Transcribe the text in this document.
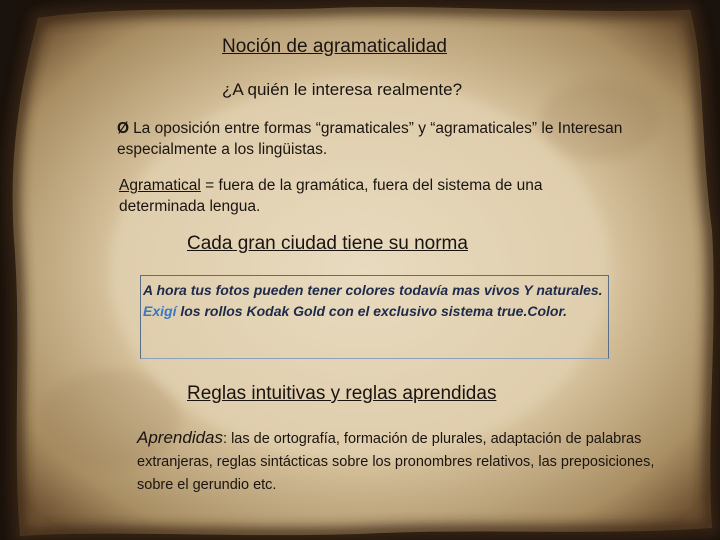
Noción de agramaticalidad
¿A quién le interesa realmente?
Ø La oposición entre formas “gramaticales” y “agramaticales” le Interesan especialmente a los lingüistas.
Agramatical = fuera de la gramática, fuera del sistema de una determinada lengua.
Cada gran ciudad tiene su norma
A hora tus fotos pueden tener colores todavía mas vivos Y naturales. Exigí los rollos Kodak Gold con el exclusivo sistema true.Color.
Reglas intuitivas y reglas aprendidas
Aprendidas: las de ortografía, formación de plurales, adaptación de palabras extranjeras, reglas sintácticas sobre los pronombres relativos, las preposiciones, sobre el gerundio etc.
